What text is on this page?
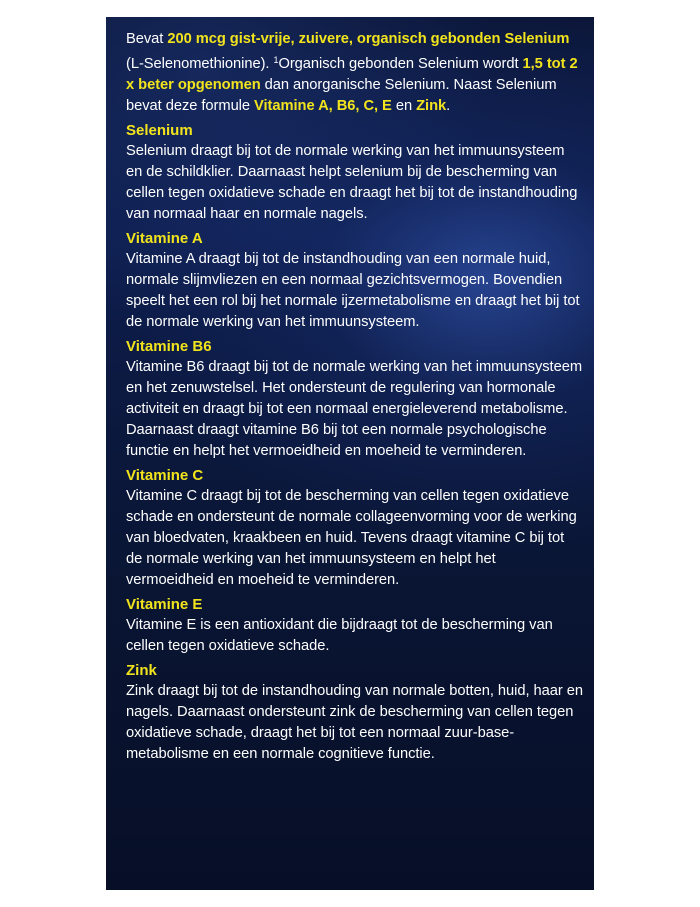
Bevat 200 mcg gist-vrije, zuivere, organisch gebonden Selenium (L-Selenomethionine). $^1$Organisch gebonden Selenium wordt 1,5 tot 2 x beter opgenomen dan anorganische Selenium. Naast Selenium bevat deze formule Vitamine A, B6, C, E en Zink.

Selenium
Selenium draagt bij tot de normale werking van het immuunsysteem en de schildklier. Daarnaast helpt selenium bij de bescherming van cellen tegen oxidatieve schade en draagt het bij tot de instandhouding van normaal haar en normale nagels.
Vitamine A
Vitamine A draagt bij tot de instandhouding van een normale huid, normale slijmvliezen en een normaal gezichtsvermogen. Bovendien speelt het een rol bij het normale ijzermetabolisme en draagt het bij tot de normale werking van het immuunsysteem.
Vitamine B6
Vitamine B6 draagt bij tot de normale werking van het immuunsysteem en het zenuwstelsel. Het ondersteunt de regulering van hormonale activiteit en draagt bij tot een normaal energieleverend metabolisme. Daarnaast draagt vitamine B6 bij tot een normale psychologische functie en helpt het vermoeidheid en moeheid te verminderen.
Vitamine C
Vitamine C draagt bij tot de bescherming van cellen tegen oxidatieve schade en ondersteunt de normale collageenvorming voor de werking van bloedvaten, kraakbeen en huid. Tevens draagt vitamine C bij tot de normale werking van het immuunsysteem en helpt het vermoeidheid en moeheid te verminderen.
Vitamine E
Vitamine E is een antioxidant die bijdraagt tot de bescherming van cellen tegen oxidatieve schade.
Zink
Zink draagt bij tot de instandhouding van normale botten, huid, haar en nagels. Daarnaast ondersteunt zink de bescherming van cellen tegen oxidatieve schade, draagt het bij tot een normaal zuur-base-metabolisme en een normale cognitieve functie.
